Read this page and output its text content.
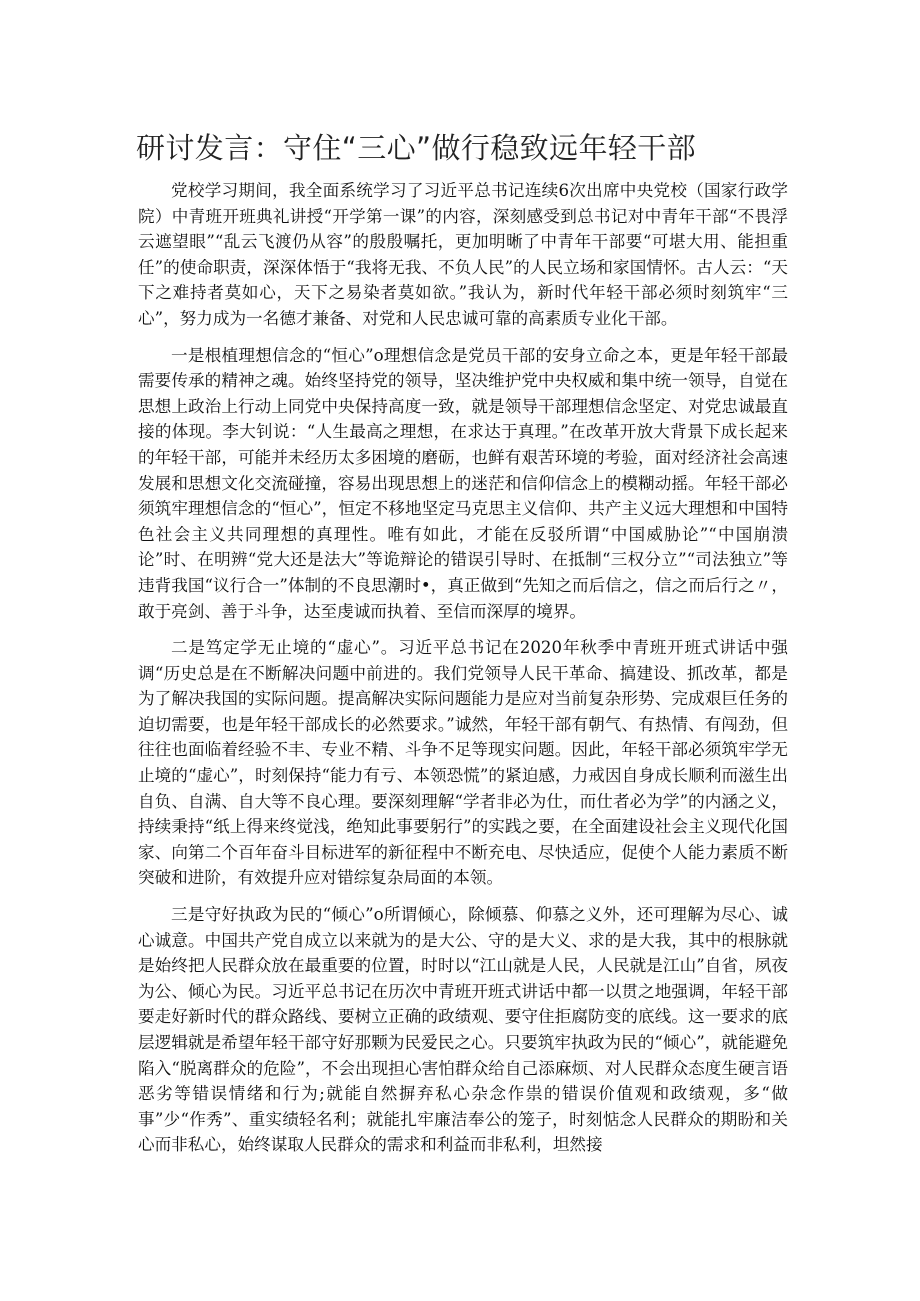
研讨发言：守住“三心”做行稳致远年轻干部

党校学习期间，我全面系统学习了习近平总书记连续6次出席中央党校（国家行政学院）中青班开班典礼讲授“开学第一课”的内容，深刻感受到总书记对中青年干部“不畏浮云遮望眼”“乱云飞渡仍从容”的殷殷嘱托，更加明晰了中青年干部要“可堪大用、能担重任”的使命职责，深深体悟于“我将无我、不负人民”的人民立场和家国情怀。古人云：“天下之难持者莫如心，天下之易染者莫如欲。”我认为，新时代年轻干部必须时刻筑牢“三心”，努力成为一名德才兼备、对党和人民忠诚可靠的高素质专业化干部。

一是根植理想信念的“恒心”o理想信念是党员干部的安身立命之本，更是年轻干部最需要传承的精神之魂。始终坚持党的领导，坚决维护党中央权威和集中统一领导，自觉在思想上政治上行动上同党中央保持高度一致，就是领导干部理想信念坚定、对党忠诚最直接的体现。李大钊说：“人生最高之理想，在求达于真理。”在改革开放大背景下成长起来的年轻干部，可能并未经历太多困境的磨砺，也鲜有艰苦环境的考验，面对经济社会高速发展和思想文化交流碰撞，容易出现思想上的迷茫和信仰信念上的模糊动摇。年轻干部必须筑牢理想信念的“恒心”，恒定不移地坚定马克思主义信仰、共产主义远大理想和中国特色社会主义共同理想的真理性。唯有如此，才能在反驳所谓“中国威胁论”“中国崩溃论”时、在明辨“党大还是法大”等诡辩论的错误引导时、在抵制“三权分立”“司法独立”等违背我国“议行合一”体制的不良思潮时•，真正做到“先知之而后信之，信之而后行之〃，敢于亮剑、善于斗争，达至虔诚而执着、至信而深厚的境界。

二是笃定学无止境的“虚心”。习近平总书记在2020年秋季中青班开班式讲话中强调“历史总是在不断解决问题中前进的。我们党领导人民干革命、搞建设、抓改革，都是为了解决我国的实际问题。提高解决实际问题能力是应对当前复杂形势、完成艰巨任务的迫切需要，也是年轻干部成长的必然要求。”诚然，年轻干部有朝气、有热情、有闯劲，但往往也面临着经验不丰、专业不精、斗争不足等现实问题。因此，年轻干部必须筑牢学无止境的“虚心”，时刻保持“能力有亏、本领恐慌”的紧迫感，力戒因自身成长顺利而滋生出自负、自满、自大等不良心理。要深刻理解“学者非必为仕，而仕者必为学”的内涵之义，持续秉持“纸上得来终觉浅，绝知此事要躬行”的实践之要，在全面建设社会主义现代化国家、向第二个百年奋斗目标进军的新征程中不断充电、尽快适应，促使个人能力素质不断突破和进阶，有效提升应对错综复杂局面的本领。

三是守好执政为民的“倾心”o所谓倾心，除倾慕、仰慕之义外，还可理解为尽心、诚心诚意。中国共产党自成立以来就为的是大公、守的是大义、求的是大我，其中的根脉就是始终把人民群众放在最重要的位置，时时以“江山就是人民，人民就是江山”自省，夙夜为公、倾心为民。习近平总书记在历次中青班开班式讲话中都一以贯之地强调，年轻干部要走好新时代的群众路线、要树立正确的政绩观、要守住拒腐防变的底线。这一要求的底层逻辑就是希望年轻干部守好那颗为民爱民之心。只要筑牢执政为民的“倾心”，就能避免陷入“脱离群众的危险”，不会出现担心害怕群众给自己添麻烦、对人民群众态度生硬言语恶劣等错误情绪和行为;就能自然摒弃私心杂念作祟的错误价值观和政绩观，多“做事”少“作秀”、重实绩轻名利；就能扎牢廉洁奉公的笼子，时刻惦念人民群众的期盼和关心而非私心，始终谋取人民群众的需求和利益而非私利，坦然接
